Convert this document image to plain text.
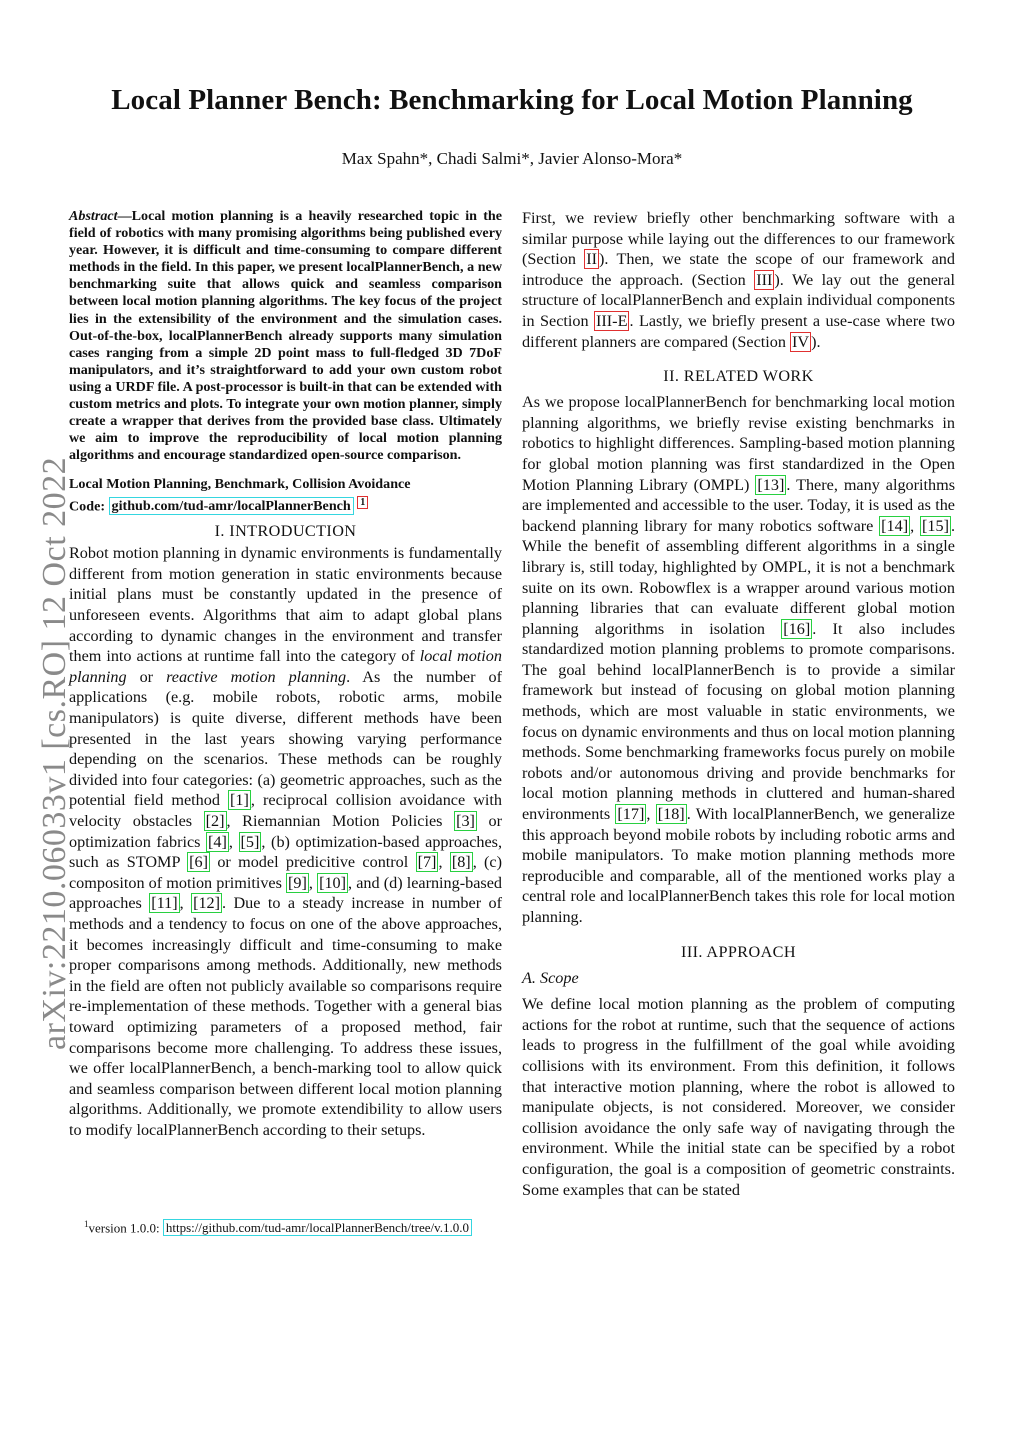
Local Planner Bench: Benchmarking for Local Motion Planning
Max Spahn*, Chadi Salmi*, Javier Alonso-Mora*
arXiv:2210.06033v1 [cs.RO] 12 Oct 2022

Abstract—Local motion planning is a heavily researched topic in the field of robotics with many promising algorithms being published every year. However, it is difficult and time-consuming to compare different methods in the field. In this paper, we present localPlannerBench, a new benchmarking suite that allows quick and seamless comparison between local motion planning algorithms. The key focus of the project lies in the extensibility of the environment and the simulation cases. Out-of-the-box, localPlannerBench already supports many simulation cases ranging from a simple 2D point mass to full-fledged 3D 7DoF manipulators, and it’s straightforward to add your own custom robot using a URDF file. A post-processor is built-in that can be extended with custom metrics and plots. To integrate your own motion planner, simply create a wrapper that derives from the provided base class. Ultimately we aim to improve the reproducibility of local motion planning algorithms and encourage standardized open-source comparison.

Local Motion Planning, Benchmark, Collision Avoidance
Code: github.com/tud-amr/localPlannerBench $^1$

I. INTRODUCTION

Robot motion planning in dynamic environments is fundamentally different from motion generation in static environments because initial plans must be constantly updated in the presence of unforeseen events. Algorithms that aim to adapt global plans according to dynamic changes in the environment and transfer them into actions at runtime fall into the category of local motion planning or reactive motion planning. As the number of applications (e.g. mobile robots, robotic arms, mobile manipulators) is quite diverse, different methods have been presented in the last years showing varying performance depending on the scenarios. These methods can be roughly divided into four categories: (a) geometric approaches, such as the potential field method [1] , reciprocal collision avoidance with velocity obstacles [2] , Riemannian Motion Policies [3] or optimization fabrics [4] , [5] , (b) optimization-based approaches, such as STOMP [6] or model predicitive control [7] , [8] , (c) compositon of motion primitives [9] , [10] , and (d) learning-based approaches [11] , [12] . Due to a steady increase in number of methods and a tendency to focus on one of the above approaches, it becomes increasingly difficult and time-consuming to make proper comparisons among methods. Additionally, new methods in the field are often not publicly available so comparisons require re-implementation of these methods. Together with a general bias toward optimizing parameters of a proposed method, fair comparisons become more challenging. To address these issues, we offer localPlannerBench, a bench-marking tool to allow quick and seamless comparison between different local motion planning algorithms. Additionally, we promote extendibility to allow users to modify localPlannerBench according to their setups.

First, we review briefly other benchmarking software with a similar purpose while laying out the differences to our framework (Section II ). Then, we state the scope of our framework and introduce the approach. (Section III ). We lay out the general structure of localPlannerBench and explain individual components in Section III-E . Lastly, we briefly present a use-case where two different planners are compared (Section IV ).

II. RELATED WORK

As we propose localPlannerBench for benchmarking local motion planning algorithms, we briefly revise existing benchmarks in robotics to highlight differences. Sampling-based motion planning for global motion planning was first standardized in the Open Motion Planning Library (OMPL) [13] . There, many algorithms are implemented and accessible to the user. Today, it is used as the backend planning library for many robotics software [14] , [15] . While the benefit of assembling different algorithms in a single library is, still today, highlighted by OMPL, it is not a benchmark suite on its own. Robowflex is a wrapper around various motion planning libraries that can evaluate different global motion planning algorithms in isolation [16] . It also includes standardized motion planning problems to promote comparisons. The goal behind localPlannerBench is to provide a similar framework but instead of focusing on global motion planning methods, which are most valuable in static environments, we focus on dynamic environments and thus on local motion planning methods. Some benchmarking frameworks focus purely on mobile robots and/or autonomous driving and provide benchmarks for local motion planning methods in cluttered and human-shared environments [17] , [18] . With localPlannerBench, we generalize this approach beyond mobile robots by including robotic arms and mobile manipulators. To make motion planning methods more reproducible and comparable, all of the mentioned works play a central role and localPlannerBench takes this role for local motion planning.

III. APPROACH

A. Scope

We define local motion planning as the problem of computing actions for the robot at runtime, such that the sequence of actions leads to progress in the fulfillment of the goal while avoiding collisions with its environment. From this definition, it follows that interactive motion planning, where the robot is allowed to manipulate objects, is not considered. Moreover, we consider collision avoidance the only safe way of navigating through the environment. While the initial state can be specified by a robot configuration, the goal is a composition of geometric constraints. Some examples that can be stated

$^1$version 1.0.0: https://github.com/tud-amr/localPlannerBench/tree/v.1.0.0
